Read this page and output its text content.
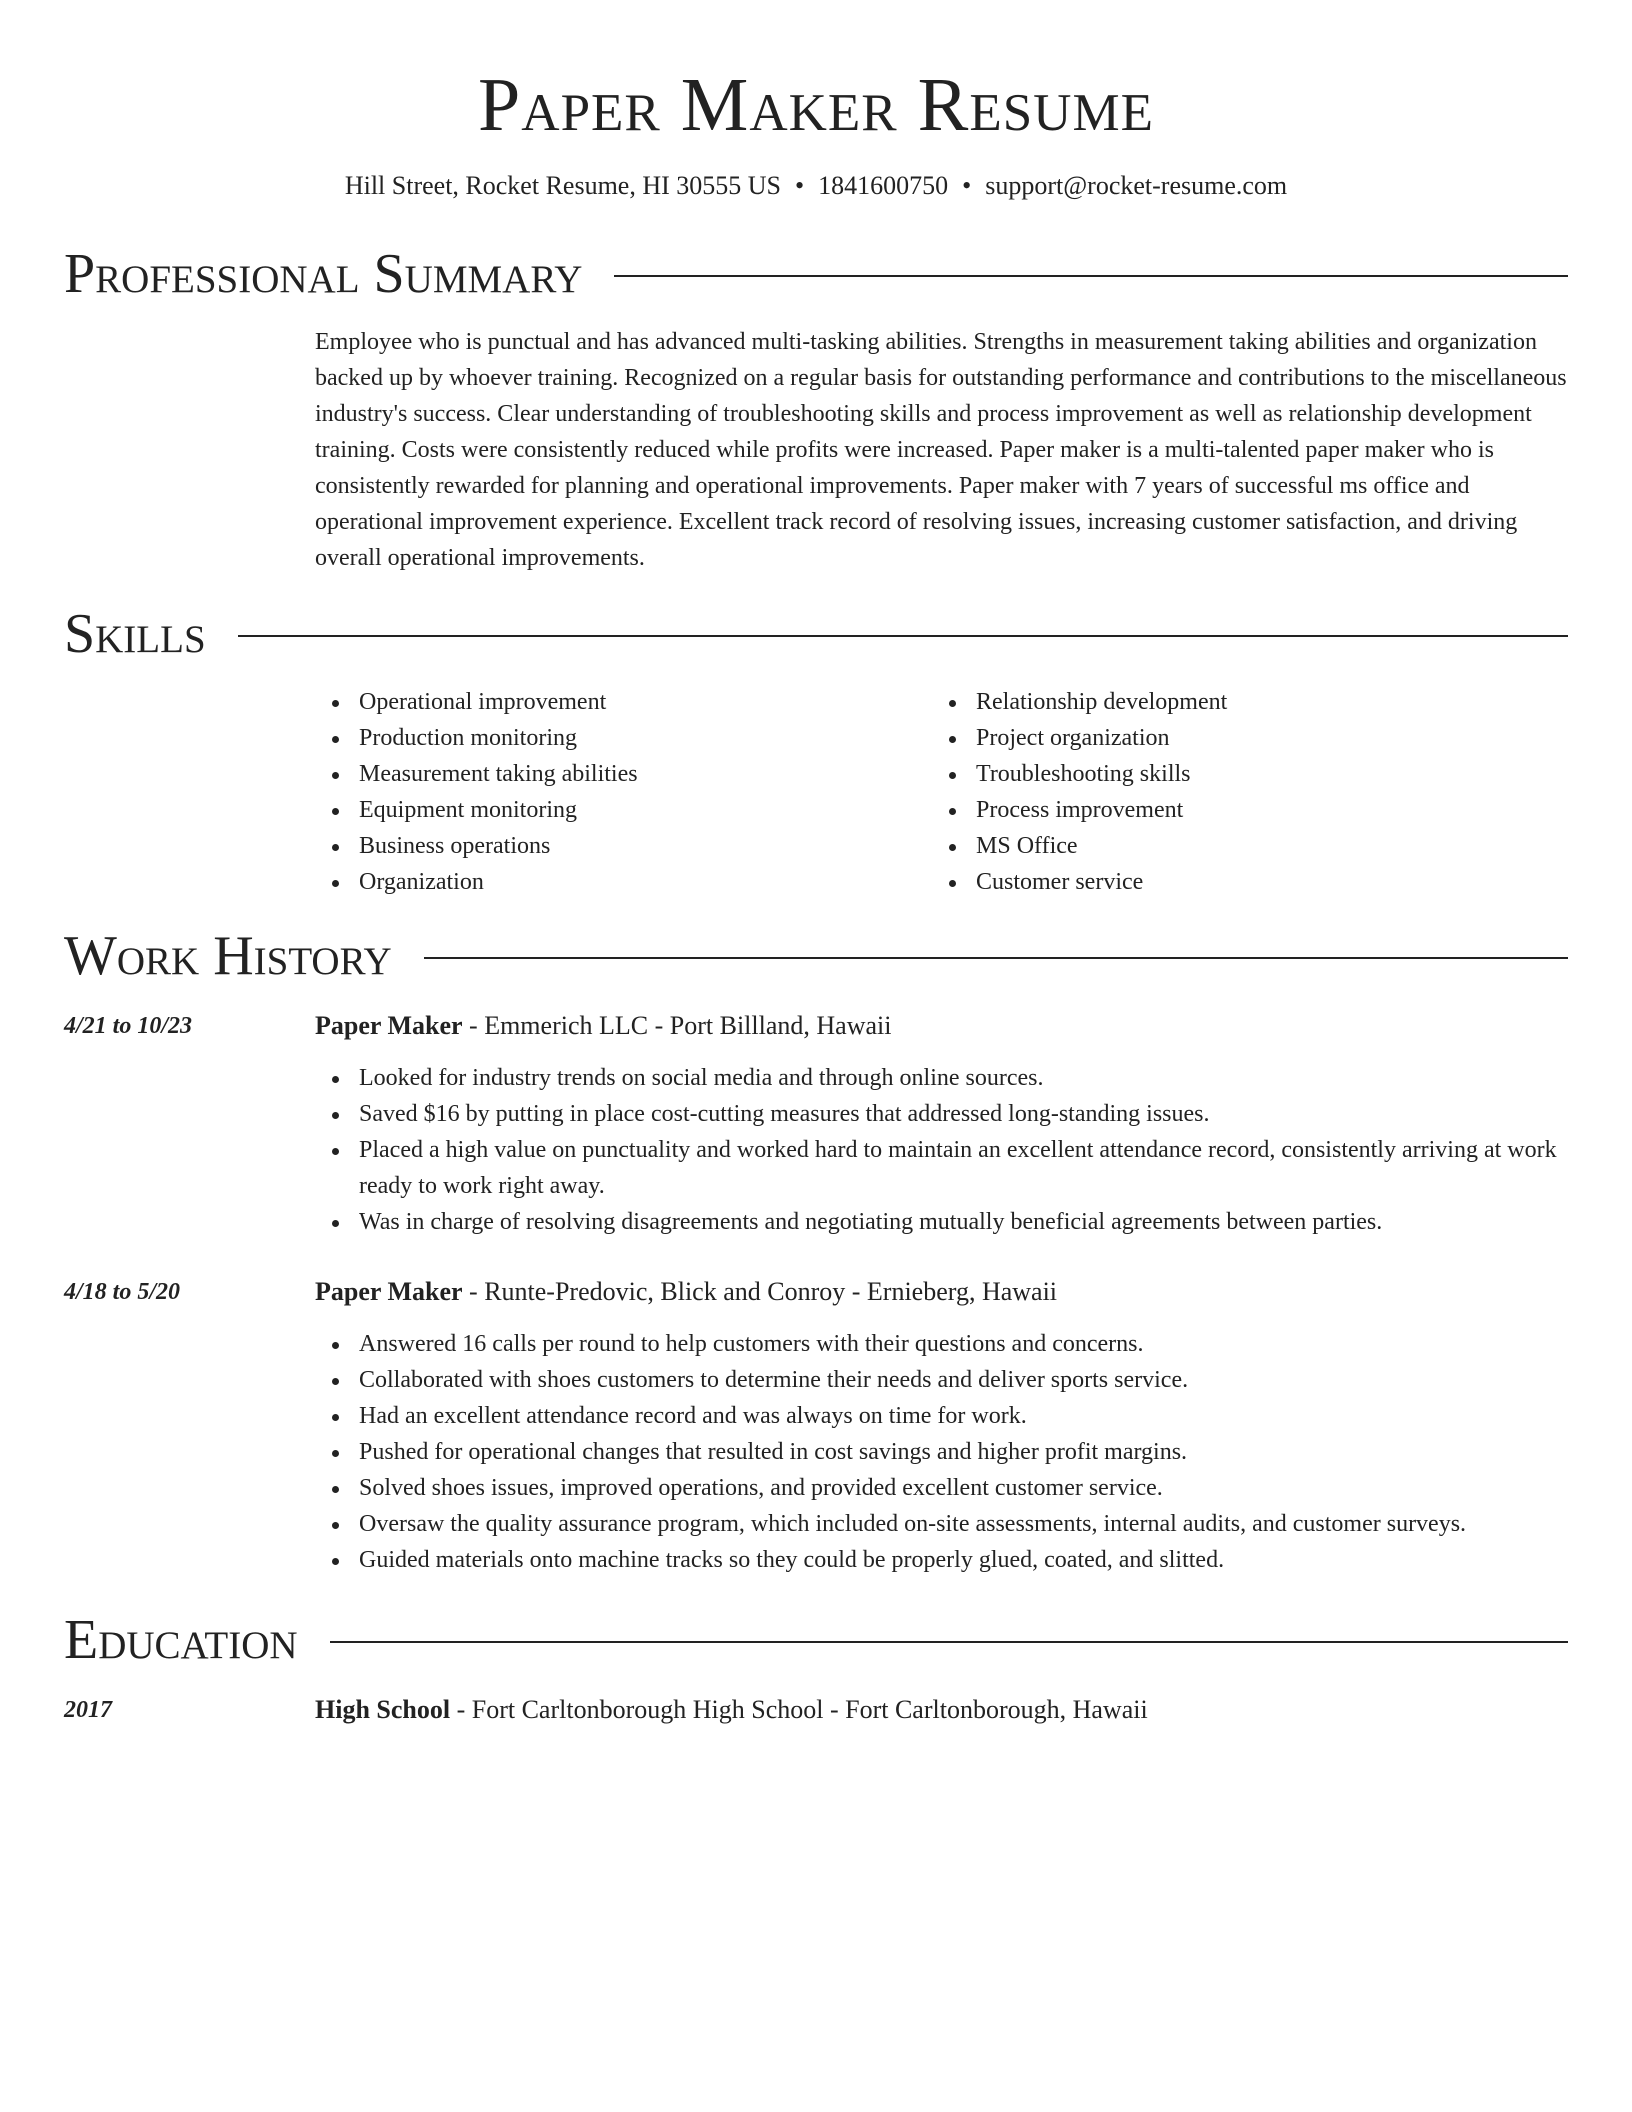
Paper Maker Resume
Hill Street, Rocket Resume, HI 30555 US • 1841600750 • support@rocket-resume.com
Professional Summary
Employee who is punctual and has advanced multi-tasking abilities. Strengths in measurement taking abilities and organization backed up by whoever training. Recognized on a regular basis for outstanding performance and contributions to the miscellaneous industry's success. Clear understanding of troubleshooting skills and process improvement as well as relationship development training. Costs were consistently reduced while profits were increased. Paper maker is a multi-talented paper maker who is consistently rewarded for planning and operational improvements. Paper maker with 7 years of successful ms office and operational improvement experience. Excellent track record of resolving issues, increasing customer satisfaction, and driving overall operational improvements.
Skills
Operational improvement
Production monitoring
Measurement taking abilities
Equipment monitoring
Business operations
Organization
Relationship development
Project organization
Troubleshooting skills
Process improvement
MS Office
Customer service
Work History
4/21 to 10/23	Paper Maker - Emmerich LLC - Port Billland, Hawaii
Looked for industry trends on social media and through online sources.
Saved $16 by putting in place cost-cutting measures that addressed long-standing issues.
Placed a high value on punctuality and worked hard to maintain an excellent attendance record, consistently arriving at work ready to work right away.
Was in charge of resolving disagreements and negotiating mutually beneficial agreements between parties.
4/18 to 5/20	Paper Maker - Runte-Predovic, Blick and Conroy - Ernieberg, Hawaii
Answered 16 calls per round to help customers with their questions and concerns.
Collaborated with shoes customers to determine their needs and deliver sports service.
Had an excellent attendance record and was always on time for work.
Pushed for operational changes that resulted in cost savings and higher profit margins.
Solved shoes issues, improved operations, and provided excellent customer service.
Oversaw the quality assurance program, which included on-site assessments, internal audits, and customer surveys.
Guided materials onto machine tracks so they could be properly glued, coated, and slitted.
Education
2017	High School - Fort Carltonborough High School - Fort Carltonborough, Hawaii
